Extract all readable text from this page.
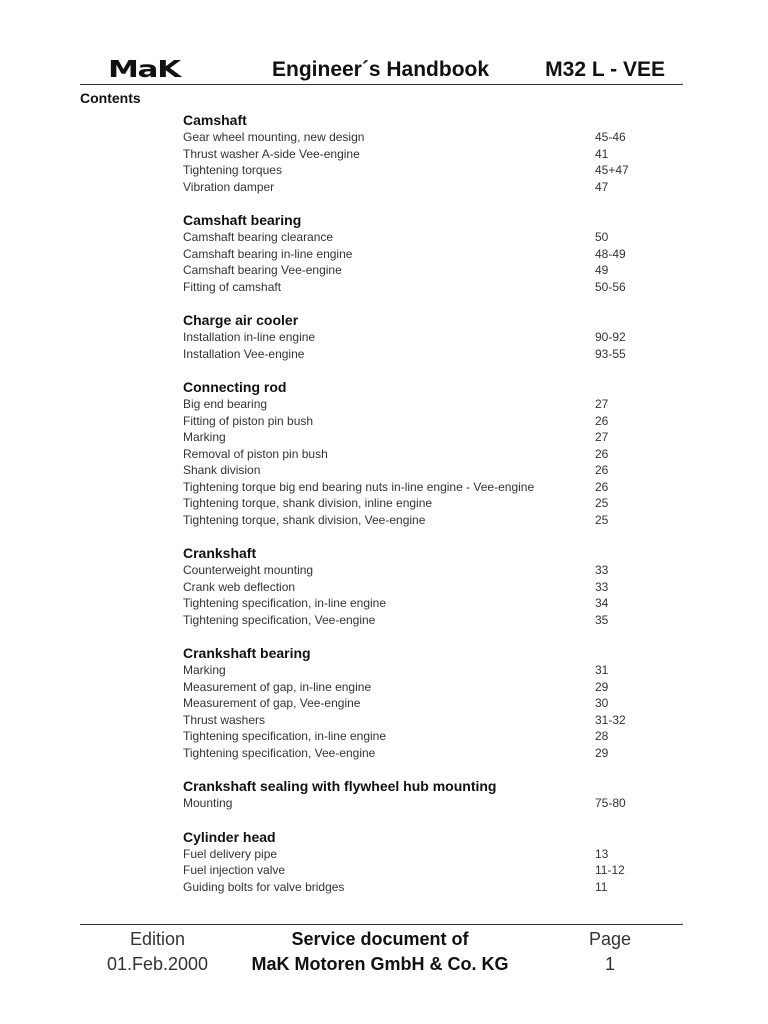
MaK	Engineer´s Handbook	M32 L - VEE
Contents
Camshaft
Gear wheel mounting, new design	45-46
Thrust washer A-side Vee-engine	41
Tightening torques	45+47
Vibration damper	47
Camshaft bearing
Camshaft bearing clearance	50
Camshaft bearing in-line engine	48-49
Camshaft bearing Vee-engine	49
Fitting of camshaft	50-56
Charge air cooler
Installation in-line engine	90-92
Installation Vee-engine	93-55
Connecting rod
Big end bearing	27
Fitting of piston pin bush	26
Marking	27
Removal of piston pin bush	26
Shank division	26
Tightening torque big end bearing nuts in-line engine - Vee-engine	26
Tightening torque, shank division, inline engine	25
Tightening torque, shank division, Vee-engine	25
Crankshaft
Counterweight mounting	33
Crank web deflection	33
Tightening specification, in-line engine	34
Tightening specification, Vee-engine	35
Crankshaft bearing
Marking	31
Measurement of gap, in-line engine	29
Measurement of gap, Vee-engine	30
Thrust washers	31-32
Tightening specification, in-line engine	28
Tightening specification, Vee-engine	29
Crankshaft sealing with flywheel hub mounting
Mounting	75-80
Cylinder head
Fuel delivery pipe	13
Fuel injection valve	11-12
Guiding bolts for valve bridges	11
Edition
01.Feb.2000
Service document of
MaK Motoren GmbH & Co. KG
Page
1
